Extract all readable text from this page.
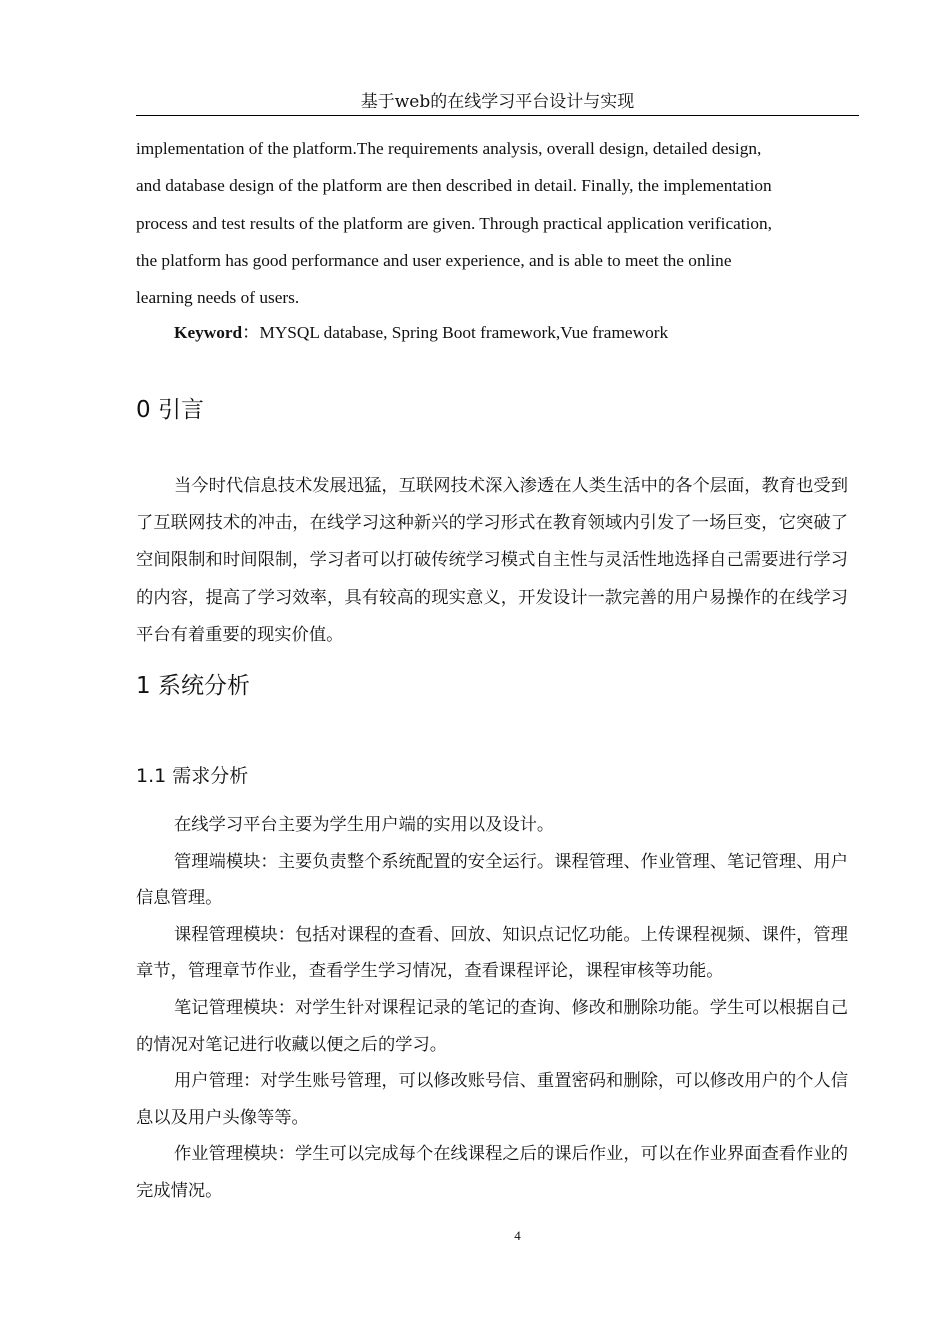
基于web的在线学习平台设计与实现

implementation of the platform.The requirements analysis, overall design, detailed design,

and database design of the platform are then described in detail. Finally, the implementation

process and test results of the platform are given. Through practical application verification,

the platform has good performance and user experience, and is able to meet the online

learning needs of users.

Keyword：MYSQL database, Spring Boot framework,Vue framework
0 引言

当今时代信息技术发展迅猛，互联网技术深入渗透在人类生活中的各个层面，教育也受到了互联网技术的冲击，在线学习这种新兴的学习形式在教育领域内引发了一场巨变，它突破了空间限制和时间限制，学习者可以打破传统学习模式自主性与灵活性地选择自己需要进行学习的内容，提高了学习效率，具有较高的现实意义，开发设计一款完善的用户易操作的在线学习平台有着重要的现实价值。

1 系统分析
1.1 需求分析

在线学习平台主要为学生用户端的实用以及设计。

管理端模块：主要负责整个系统配置的安全运行。课程管理、作业管理、笔记管理、用户信息管理。

课程管理模块：包括对课程的查看、回放、知识点记忆功能。上传课程视频、课件，管理章节，管理章节作业，查看学生学习情况，查看课程评论，课程审核等功能。

笔记管理模块：对学生针对课程记录的笔记的查询、修改和删除功能。学生可以根据自己的情况对笔记进行收藏以便之后的学习。

用户管理：对学生账号管理，可以修改账号信、重置密码和删除，可以修改用户的个人信息以及用户头像等等。

作业管理模块：学生可以完成每个在线课程之后的课后作业，可以在作业界面查看作业的完成情况。

4
